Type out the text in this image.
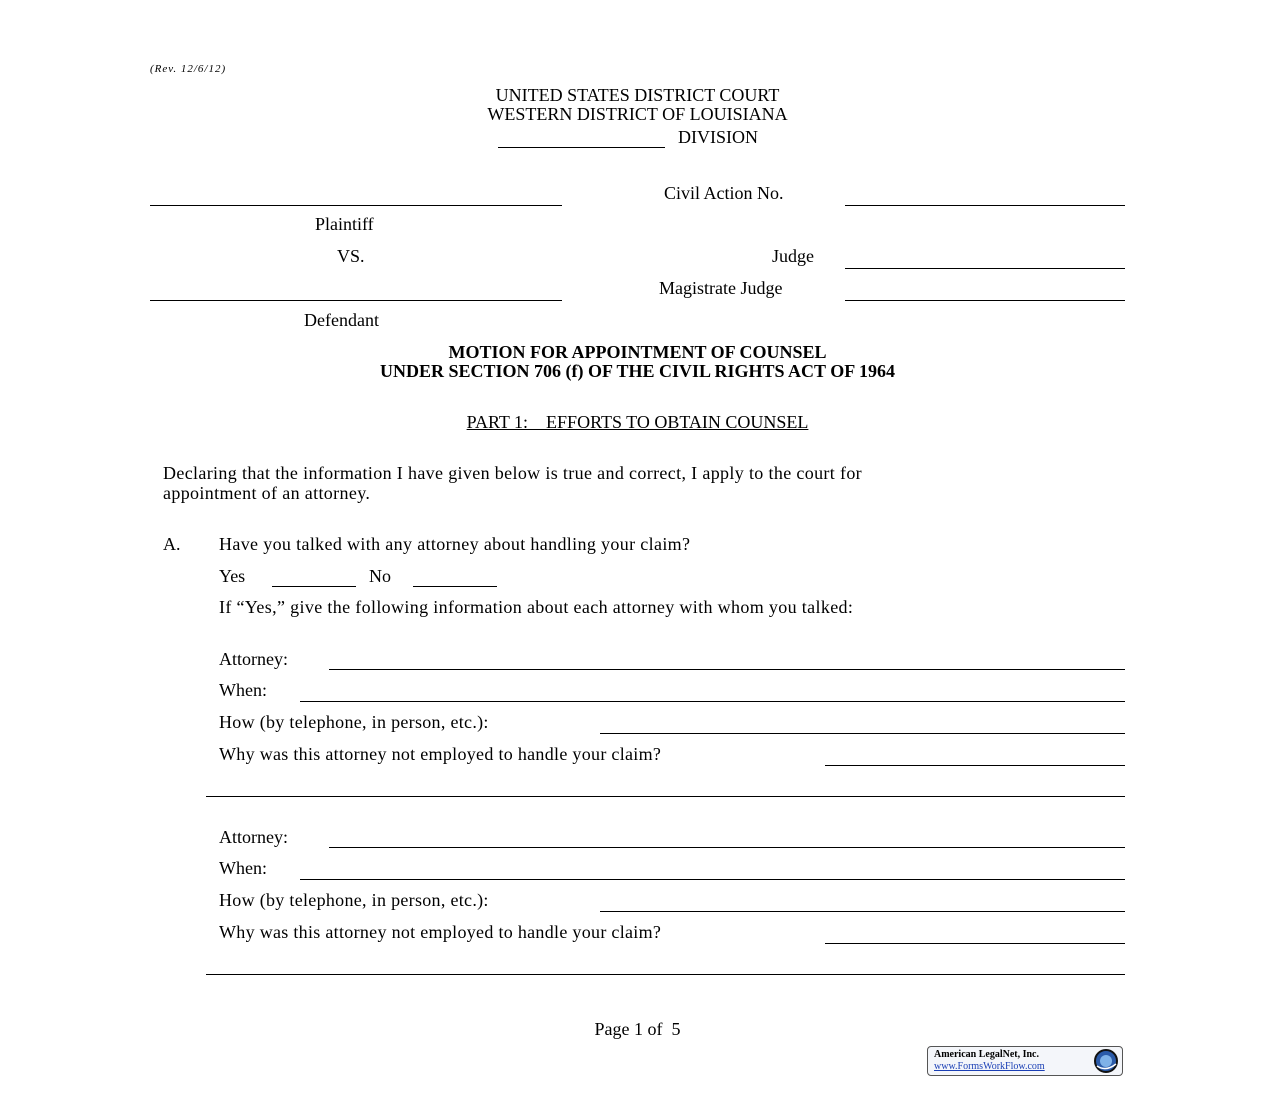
(Rev. 12/6/12)
UNITED STATES DISTRICT COURT
WESTERN DISTRICT OF LOUISIANA
DIVISION
Civil Action No.
Plaintiff
VS.	Judge
Magistrate Judge
Defendant
MOTION FOR APPOINTMENT OF COUNSEL
UNDER SECTION 706 (f) OF THE CIVIL RIGHTS ACT OF 1964
PART 1:    EFFORTS TO OBTAIN COUNSEL
Declaring that the information I have given below is true and correct, I apply to the court for
appointment of an attorney.
A. Have you talked with any attorney about handling your claim?
Yes	No
If “Yes,” give the following information about each attorney with whom you talked:
Attorney:
When:
How (by telephone, in person, etc.):
Why was this attorney not employed to handle your claim?
Attorney:
When:
How (by telephone, in person, etc.):
Why was this attorney not employed to handle your claim?
Page 1 of  5
American LegalNet, Inc.
www.FormsWorkFlow.com
